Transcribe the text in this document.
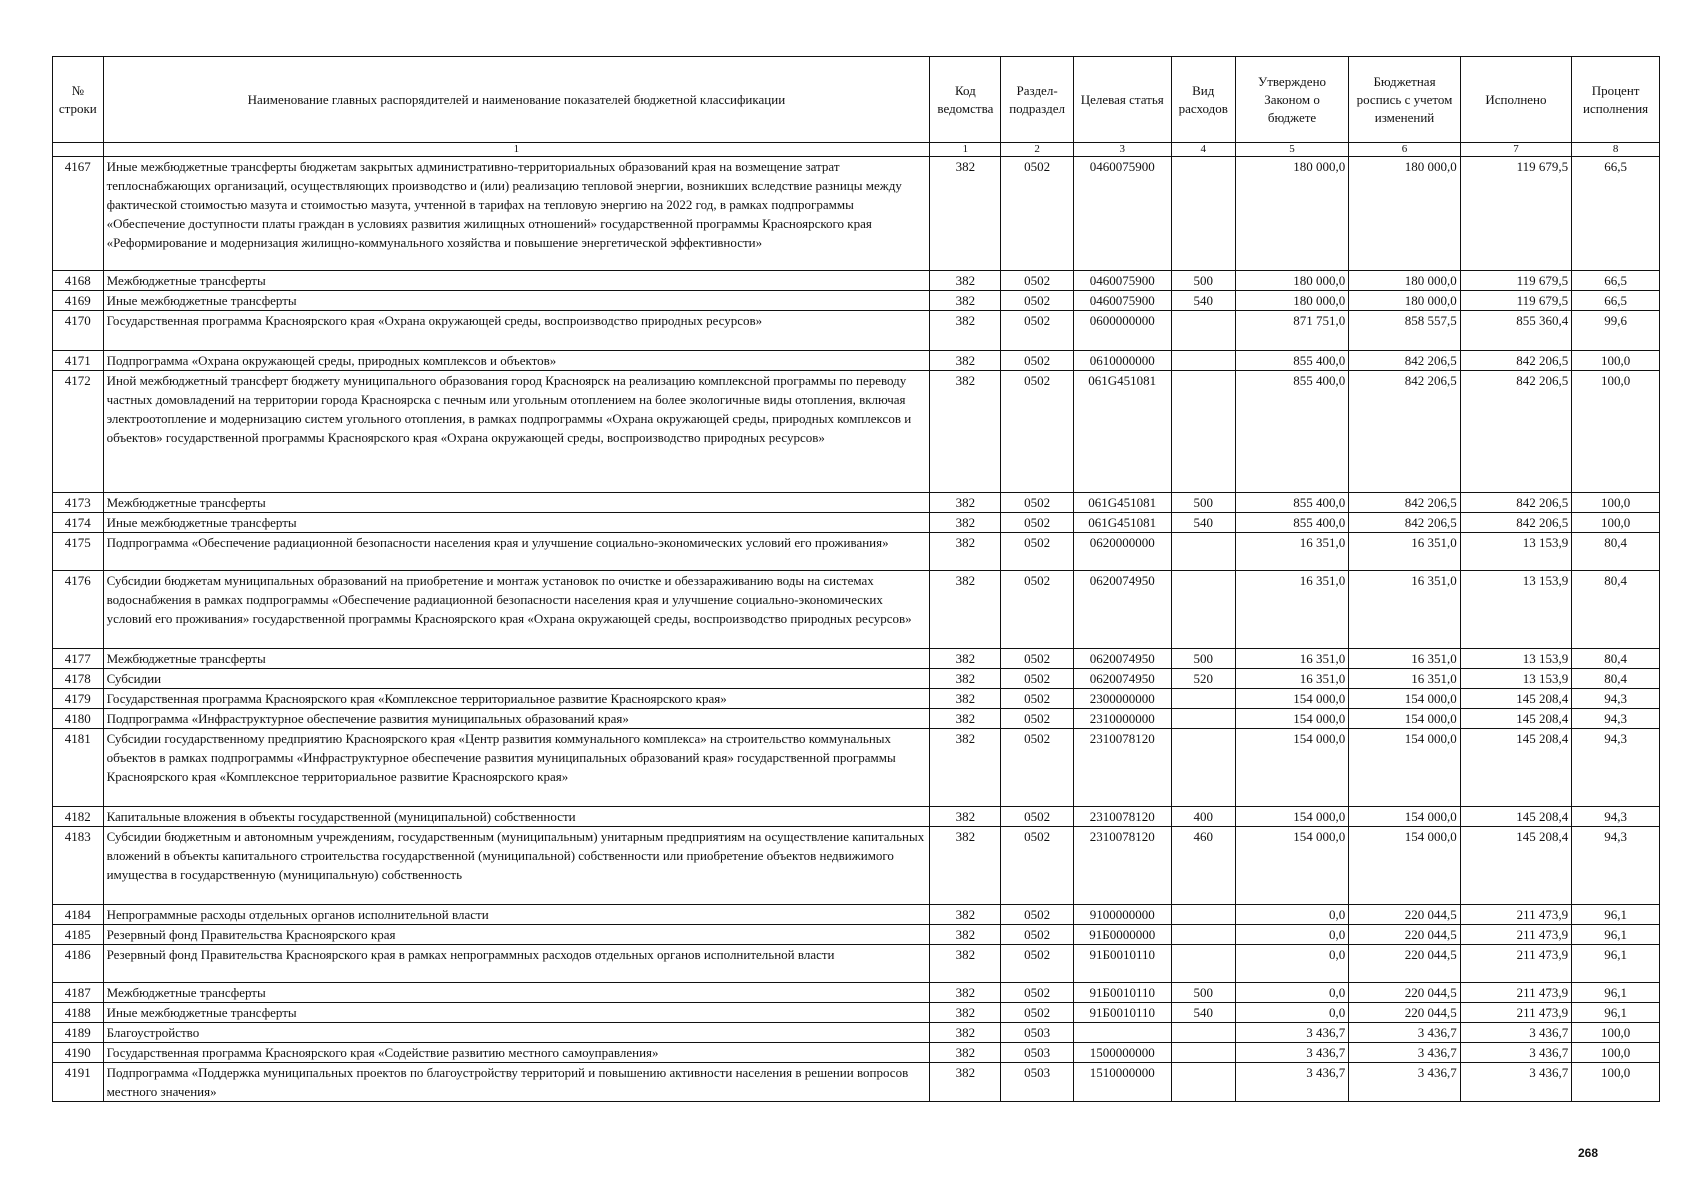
№ строки	Наименование главных распорядителей и наименование показателей бюджетной классификации	Код ведомства	Раздел-подраздел	Целевая статья	Вид расходов	Утверждено Законом о бюджете	Бюджетная роспись с учетом изменений	Исполнено	Процент исполнения
	1	1	2	3	4	5	6	7	8
4167	Иные межбюджетные трансферты бюджетам закрытых административно-территориальных образований края на возмещение затрат теплоснабжающих организаций, осуществляющих производство и (или) реализацию тепловой энергии, возникших вследствие разницы между фактической стоимостью мазута и стоимостью мазута, учтенной в тарифах на тепловую энергию на 2022 год, в рамках подпрограммы «Обеспечение доступности платы граждан в условиях развития жилищных отношений» государственной программы Красноярского края «Реформирование и модернизация жилищно-коммунального хозяйства и повышение энергетической эффективности»	382	0502	0460075900		180 000,0	180 000,0	119 679,5	66,5
4168	Межбюджетные трансферты	382	0502	0460075900	500	180 000,0	180 000,0	119 679,5	66,5
4169	Иные межбюджетные трансферты	382	0502	0460075900	540	180 000,0	180 000,0	119 679,5	66,5
4170	Государственная программа Красноярского края «Охрана окружающей среды, воспроизводство природных ресурсов»	382	0502	0600000000		871 751,0	858 557,5	855 360,4	99,6
4171	Подпрограмма «Охрана окружающей среды, природных комплексов и объектов»	382	0502	0610000000		855 400,0	842 206,5	842 206,5	100,0
4172	Иной межбюджетный трансферт бюджету муниципального образования город Красноярск на реализацию комплексной программы по переводу частных домовладений на территории города Красноярска с печным или угольным отоплением на более экологичные виды отопления, включая электроотопление и модернизацию систем угольного отопления, в рамках подпрограммы «Охрана окружающей среды, природных комплексов и объектов» государственной программы Красноярского края «Охрана окружающей среды, воспроизводство природных ресурсов»	382	0502	061G451081		855 400,0	842 206,5	842 206,5	100,0
4173	Межбюджетные трансферты	382	0502	061G451081	500	855 400,0	842 206,5	842 206,5	100,0
4174	Иные межбюджетные трансферты	382	0502	061G451081	540	855 400,0	842 206,5	842 206,5	100,0
4175	Подпрограмма «Обеспечение радиационной безопасности населения края и улучшение социально-экономических условий его проживания»	382	0502	0620000000		16 351,0	16 351,0	13 153,9	80,4
4176	Субсидии бюджетам муниципальных образований на приобретение и монтаж установок по очистке и обеззараживанию воды на системах водоснабжения в рамках подпрограммы «Обеспечение радиационной безопасности населения края и улучшение социально-экономических условий его проживания» государственной программы Красноярского края «Охрана окружающей среды, воспроизводство природных ресурсов»	382	0502	0620074950		16 351,0	16 351,0	13 153,9	80,4
4177	Межбюджетные трансферты	382	0502	0620074950	500	16 351,0	16 351,0	13 153,9	80,4
4178	Субсидии	382	0502	0620074950	520	16 351,0	16 351,0	13 153,9	80,4
4179	Государственная программа Красноярского края «Комплексное территориальное развитие Красноярского края»	382	0502	2300000000		154 000,0	154 000,0	145 208,4	94,3
4180	Подпрограмма «Инфраструктурное обеспечение развития муниципальных образований края»	382	0502	2310000000		154 000,0	154 000,0	145 208,4	94,3
4181	Субсидии государственному предприятию Красноярского края «Центр развития коммунального комплекса» на строительство коммунальных объектов в рамках подпрограммы «Инфраструктурное обеспечение развития муниципальных образований края» государственной программы Красноярского края «Комплексное территориальное развитие Красноярского края»	382	0502	2310078120		154 000,0	154 000,0	145 208,4	94,3
4182	Капитальные вложения в объекты государственной (муниципальной) собственности	382	0502	2310078120	400	154 000,0	154 000,0	145 208,4	94,3
4183	Субсидии бюджетным и автономным учреждениям, государственным (муниципальным) унитарным предприятиям на осуществление капитальных вложений в объекты капитального строительства государственной (муниципальной) собственности или приобретение объектов недвижимого имущества в государственную (муниципальную) собственность	382	0502	2310078120	460	154 000,0	154 000,0	145 208,4	94,3
4184	Непрограммные расходы отдельных органов исполнительной власти	382	0502	9100000000		0,0	220 044,5	211 473,9	96,1
4185	Резервный фонд Правительства Красноярского края	382	0502	91Б0000000		0,0	220 044,5	211 473,9	96,1
4186	Резервный фонд Правительства Красноярского края в рамках непрограммных расходов отдельных органов исполнительной власти	382	0502	91Б0010110		0,0	220 044,5	211 473,9	96,1
4187	Межбюджетные трансферты	382	0502	91Б0010110	500	0,0	220 044,5	211 473,9	96,1
4188	Иные межбюджетные трансферты	382	0502	91Б0010110	540	0,0	220 044,5	211 473,9	96,1
4189	Благоустройство	382	0503			3 436,7	3 436,7	3 436,7	100,0
4190	Государственная программа Красноярского края «Содействие развитию местного самоуправления»	382	0503	1500000000		3 436,7	3 436,7	3 436,7	100,0
4191	Подпрограмма «Поддержка муниципальных проектов по благоустройству территорий и повышению активности населения в решении вопросов местного значения»	382	0503	1510000000		3 436,7	3 436,7	3 436,7	100,0
268
